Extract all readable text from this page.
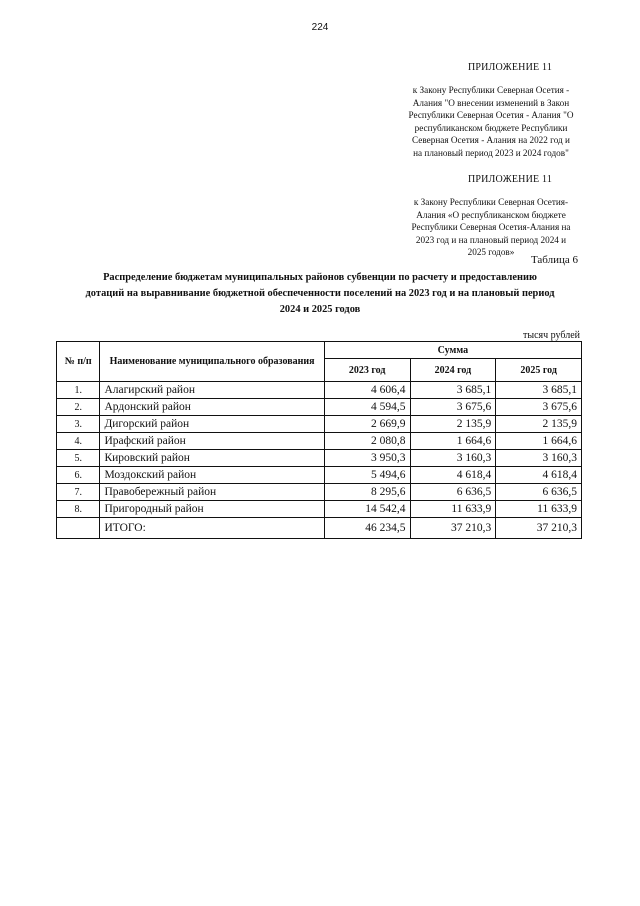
224
ПРИЛОЖЕНИЕ 11
к Закону Республики Северная Осетия -
Алания "О внесении изменений в Закон
Республики Северная Осетия - Алания "О
республиканском бюджете Республики
Северная Осетия - Алания на 2022 год и
на плановый период 2023 и 2024 годов"
ПРИЛОЖЕНИЕ 11
к Закону Республики Северная Осетия-
Алания «О республиканском бюджете
Республики Северная Осетия-Алания на
2023 год и на плановый период 2024 и
2025 годов»
Таблица 6
Распределение бюджетам муниципальных районов субвенции по расчету и предоставлению
дотаций на выравнивание бюджетной обеспеченности поселений на 2023 год и на плановый период
2024 и 2025 годов
тысяч рублей
№ п/п	Наименование муниципального образования	Сумма		
		2023 год	2024 год	2025 год
1.	Алагирский район	4 606,4	3 685,1	3 685,1
2.	Ардонский район	4 594,5	3 675,6	3 675,6
3.	Дигорский район	2 669,9	2 135,9	2 135,9
4.	Ирафский район	2 080,8	1 664,6	1 664,6
5.	Кировский район	3 950,3	3 160,3	3 160,3
6.	Моздокский район	5 494,6	4 618,4	4 618,4
7.	Правобережный район	8 295,6	6 636,5	6 636,5
8.	Пригородный район	14 542,4	11 633,9	11 633,9
	ИТОГО:	46 234,5	37 210,3	37 210,3
